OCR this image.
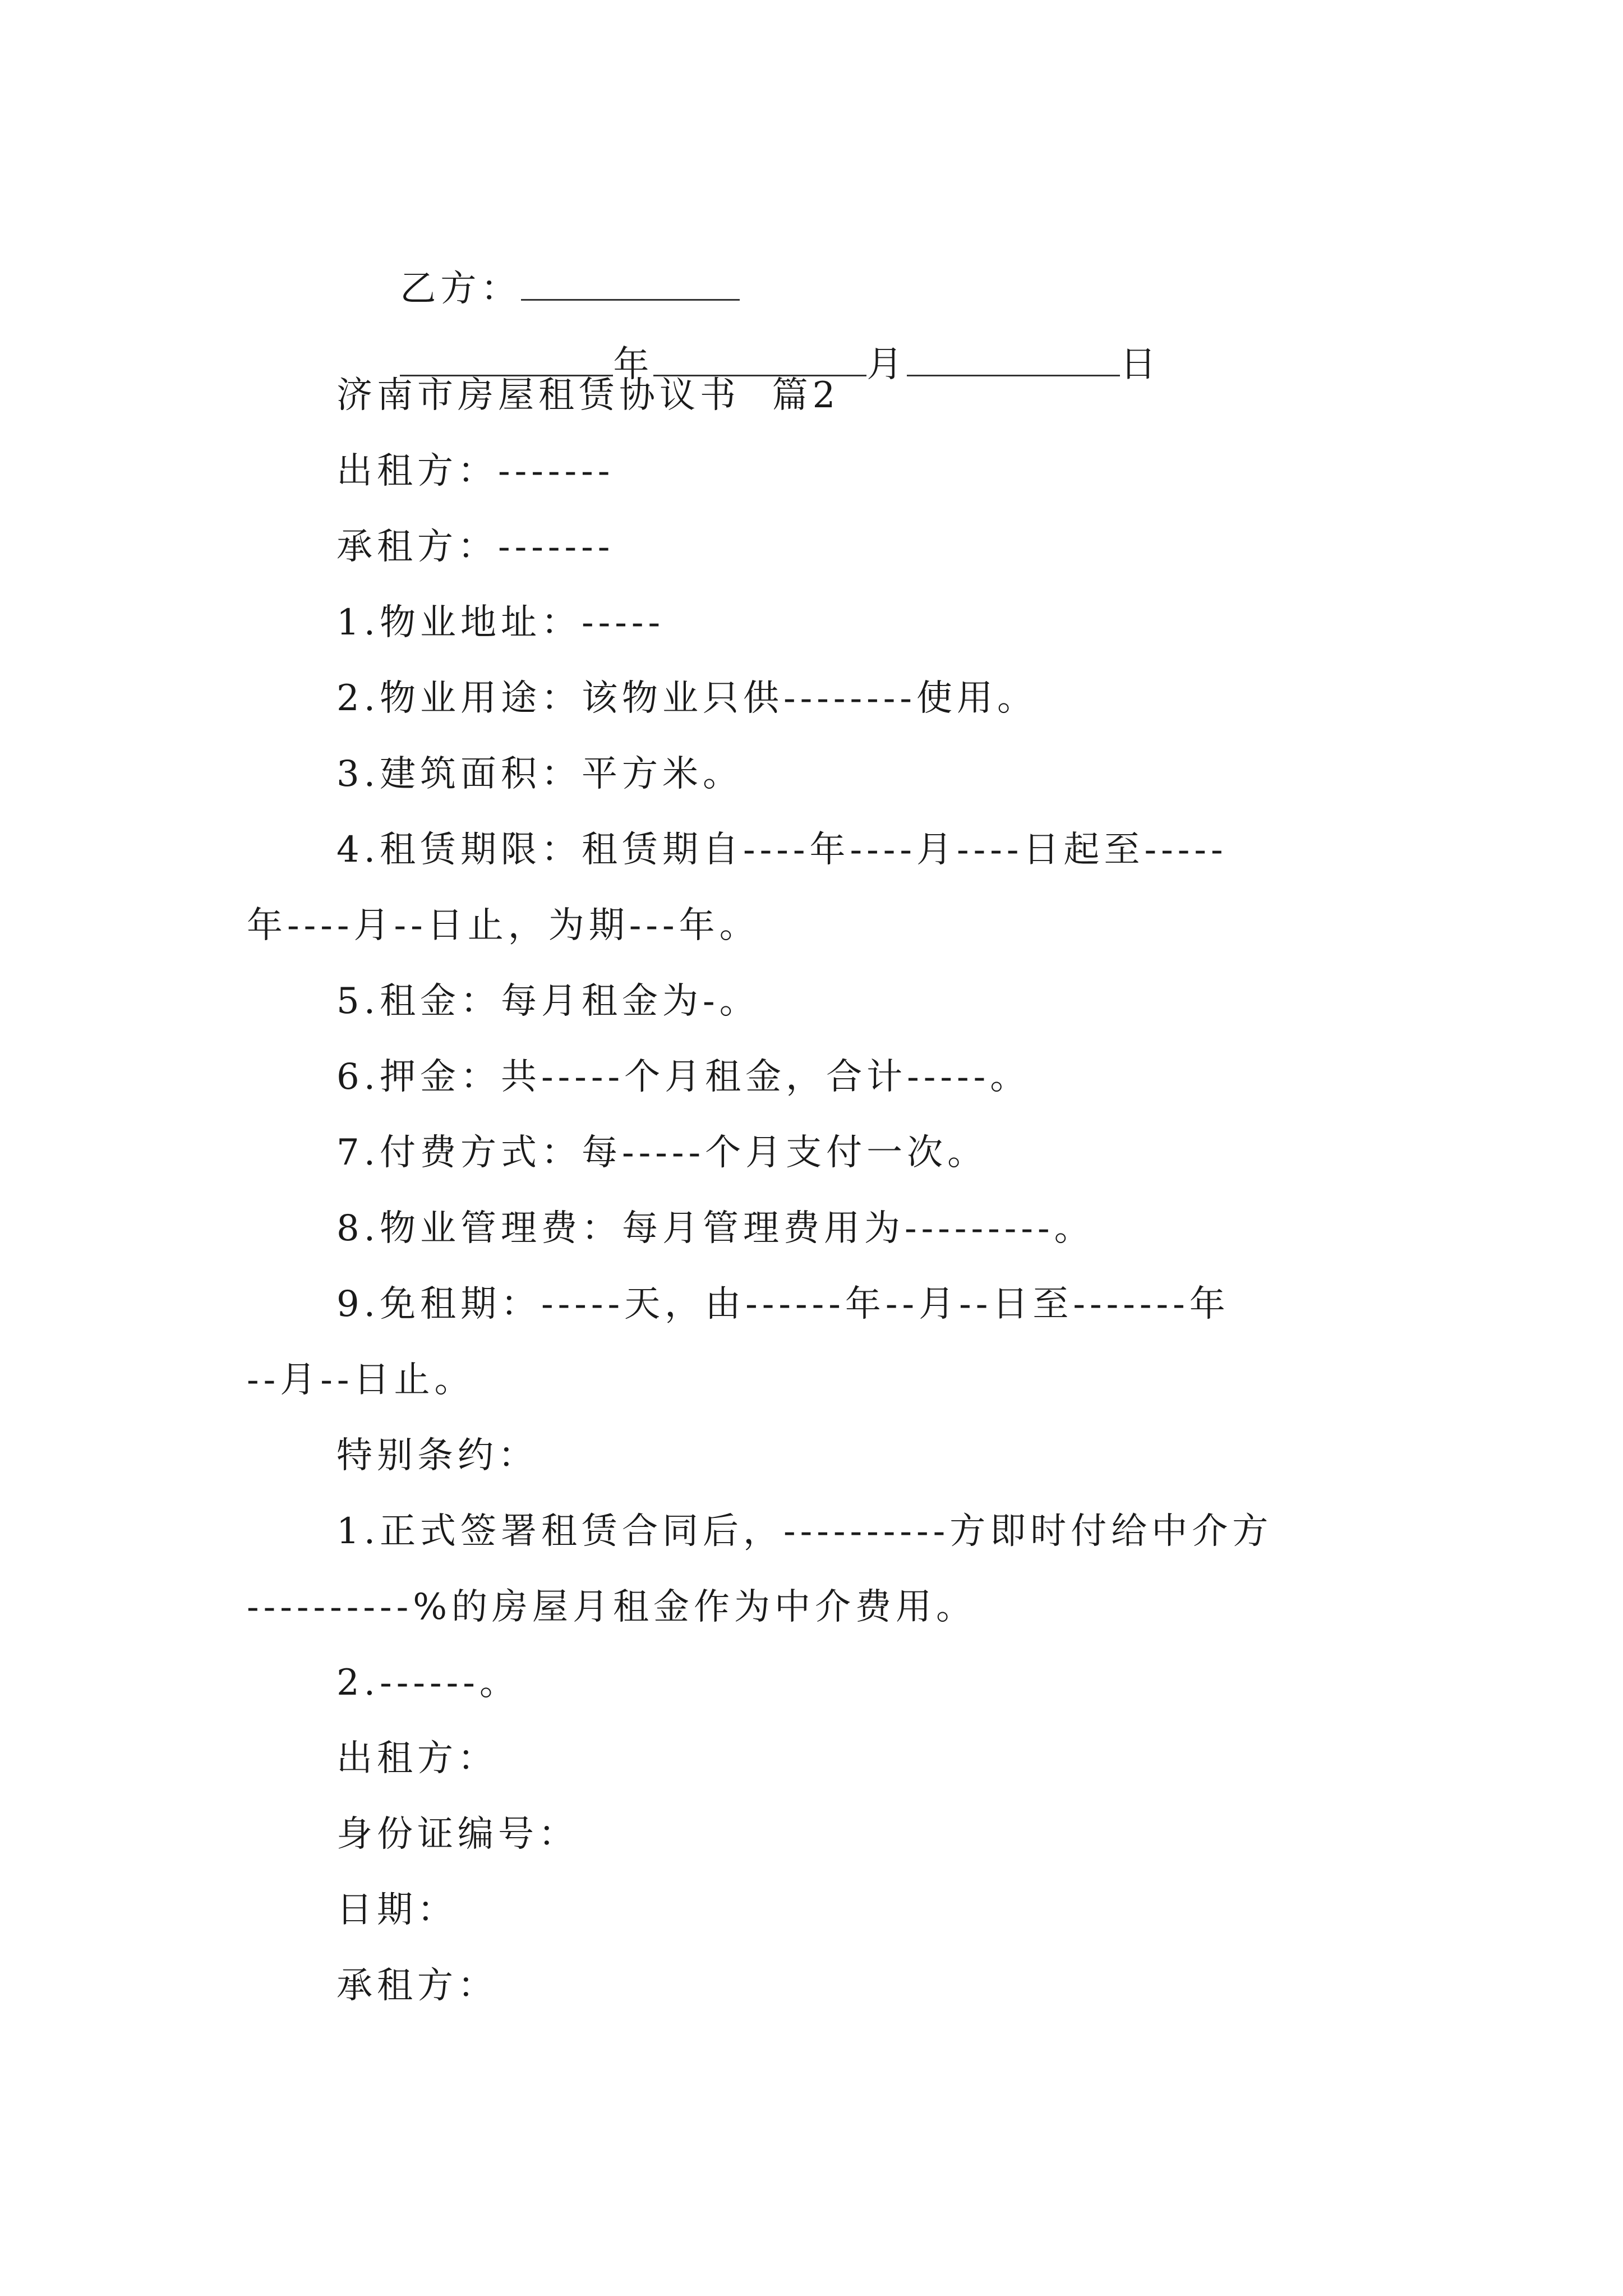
乙方：

年	月	日

济南市房屋租赁协议书  篇2
出租方：-------
承租方：-------
1.物业地址：-----
2.物业用途：该物业只供--------使用。
3.建筑面积：平方米。
4.租赁期限：租赁期自----年----月----日起至-----
年----月--日止，为期---年。
5.租金：每月租金为-。
6.押金：共-----个月租金，合计-----。
7.付费方式：每-----个月支付一次。
8.物业管理费：每月管理费用为---------。
9.免租期：-----天，由------年--月--日至-------年
--月--日止。
特别条约：
1.正式签署租赁合同后，----------方即时付给中介方
----------%的房屋月租金作为中介费用。
2.------。
出租方：
身份证编号：
日期：
承租方：
